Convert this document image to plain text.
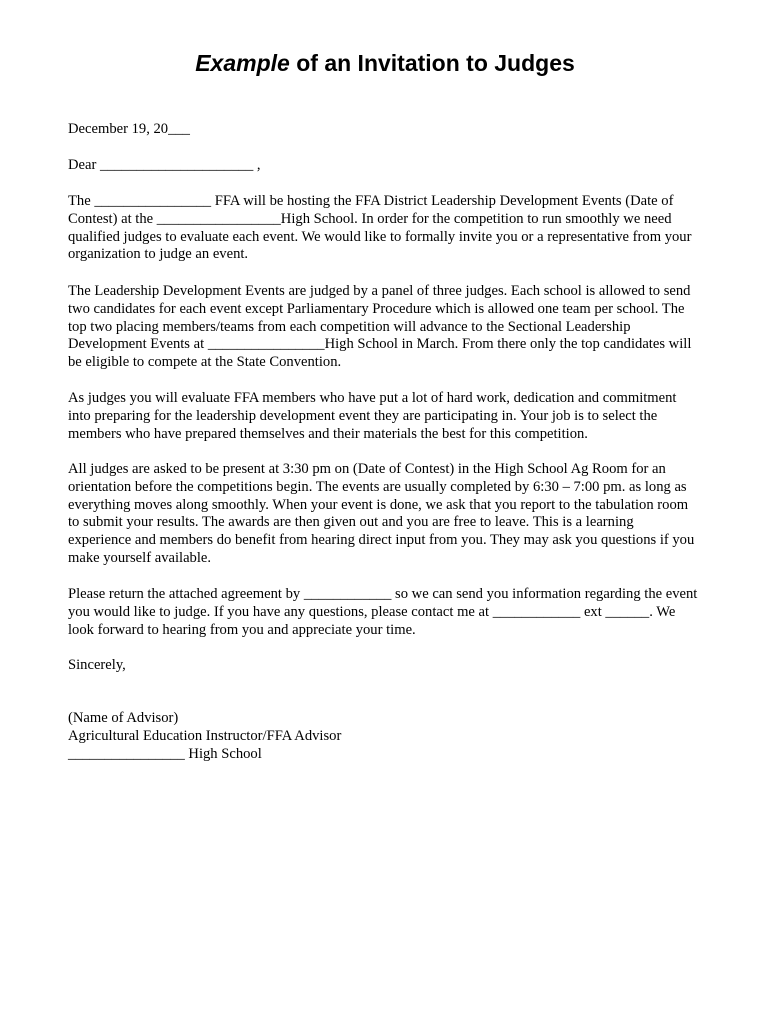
Example of an Invitation to Judges

December 19, 20___

Dear _____________________ ,

The ________________ FFA will be hosting the FFA District Leadership Development Events (Date of
Contest) at the _________________High School. In order for the competition to run smoothly we need
qualified judges to evaluate each event. We would like to formally invite you or a representative from your
organization to judge an event.

The Leadership Development Events are judged by a panel of three judges. Each school is allowed to send
two candidates for each event except Parliamentary Procedure which is allowed one team per school. The
top two placing members/teams from each competition will advance to the Sectional Leadership
Development Events at ________________High School in March. From there only the top candidates will
be eligible to compete at the State Convention.

As judges you will evaluate FFA members who have put a lot of hard work, dedication and commitment
into preparing for the leadership development event they are participating in. Your job is to select the
members who have prepared themselves and their materials the best for this competition.

All judges are asked to be present at 3:30 pm on (Date of Contest) in the High School Ag Room for an
orientation before the competitions begin. The events are usually completed by 6:30 – 7:00 pm. as long as
everything moves along smoothly. When your event is done, we ask that you report to the tabulation room
to submit your results. The awards are then given out and you are free to leave. This is a learning
experience and members do benefit from hearing direct input from you. They may ask you questions if you
make yourself available.

Please return the attached agreement by ____________ so we can send you information regarding the event
you would like to judge. If you have any questions, please contact me at ____________ ext ______. We
look forward to hearing from you and appreciate your time.

Sincerely,

(Name of Advisor)
Agricultural Education Instructor/FFA Advisor
________________ High School
